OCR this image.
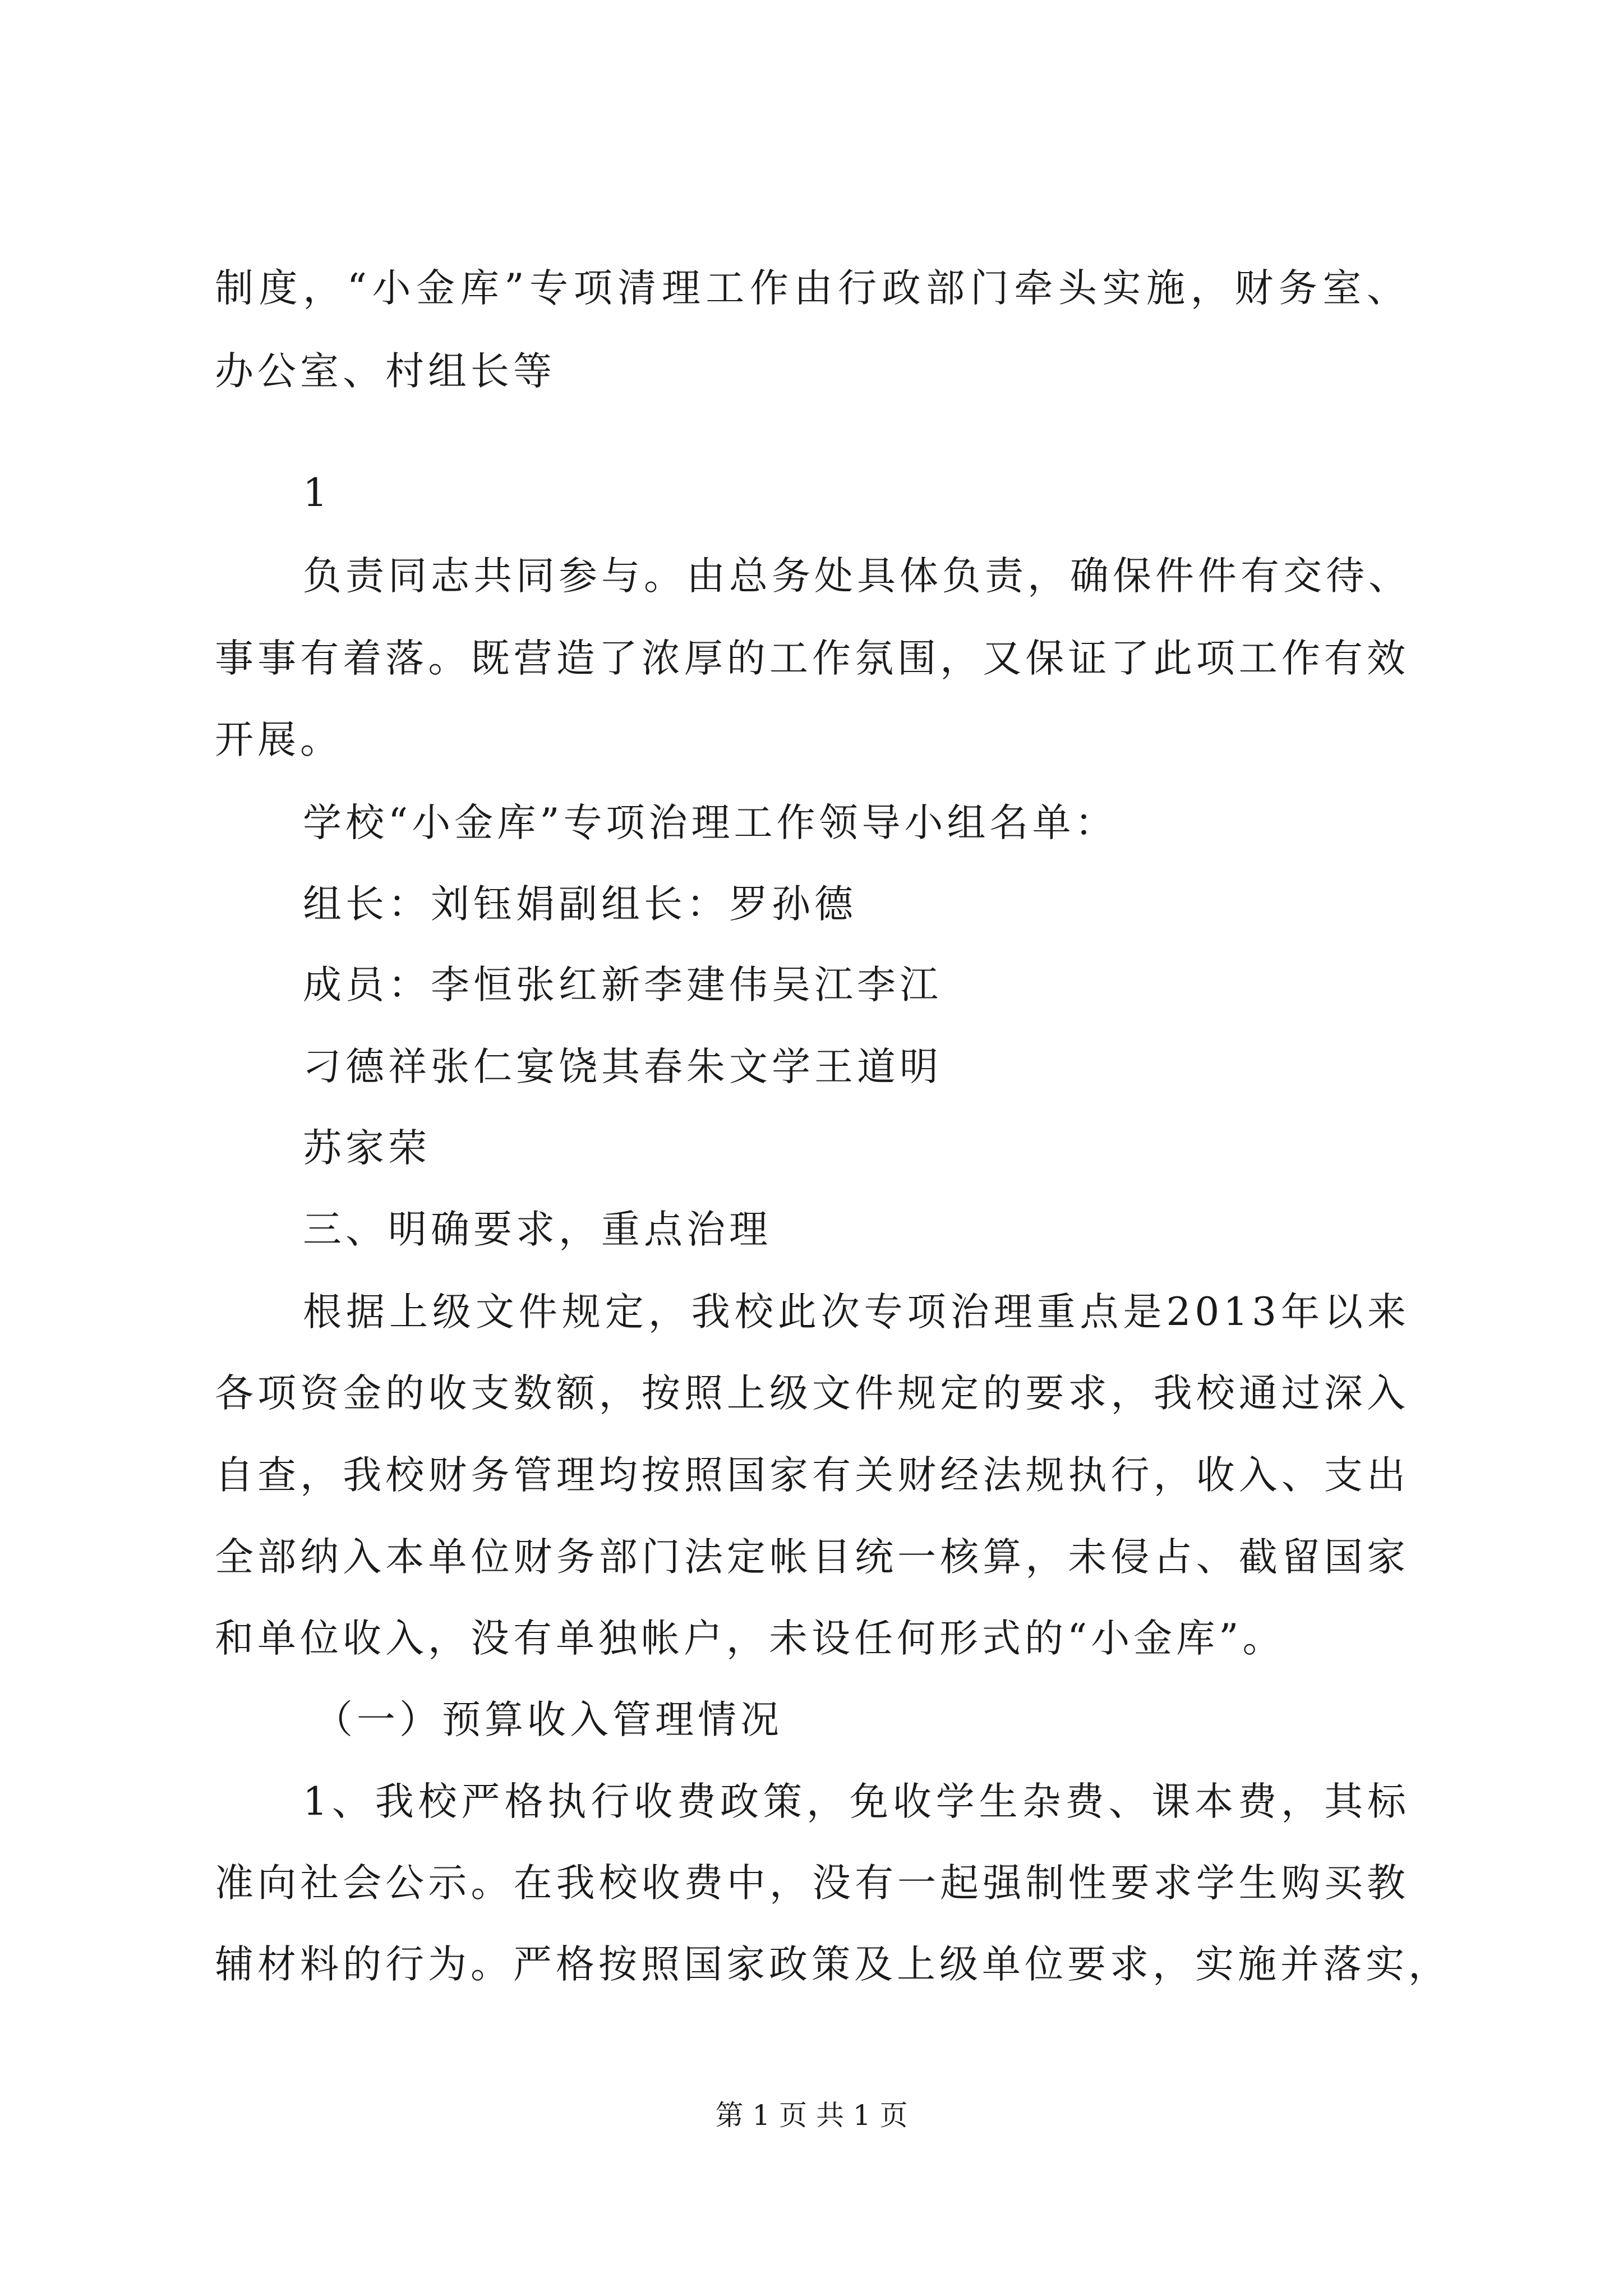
制度，“小金库”专项清理工作由行政部门牵头实施，财务室、
办公室、村组长等
1
负责同志共同参与。由总务处具体负责，确保件件有交待、
事事有着落。既营造了浓厚的工作氛围，又保证了此项工作有效
开展。
学校“小金库”专项治理工作领导小组名单：
组长：刘钰娟副组长：罗孙德
成员：李恒张红新李建伟吴江李江
刁德祥张仁宴饶其春朱文学王道明
苏家荣
三、明确要求，重点治理
根据上级文件规定，我校此次专项治理重点是2013年以来
各项资金的收支数额，按照上级文件规定的要求，我校通过深入
自查，我校财务管理均按照国家有关财经法规执行，收入、支出
全部纳入本单位财务部门法定帐目统一核算，未侵占、截留国家
和单位收入，没有单独帐户，未设任何形式的“小金库”。
（一）预算收入管理情况
1、我校严格执行收费政策，免收学生杂费、课本费，其标
准向社会公示。在我校收费中，没有一起强制性要求学生购买教
辅材料的行为。严格按照国家政策及上级单位要求，实施并落实，
第 1 页 共 1 页
